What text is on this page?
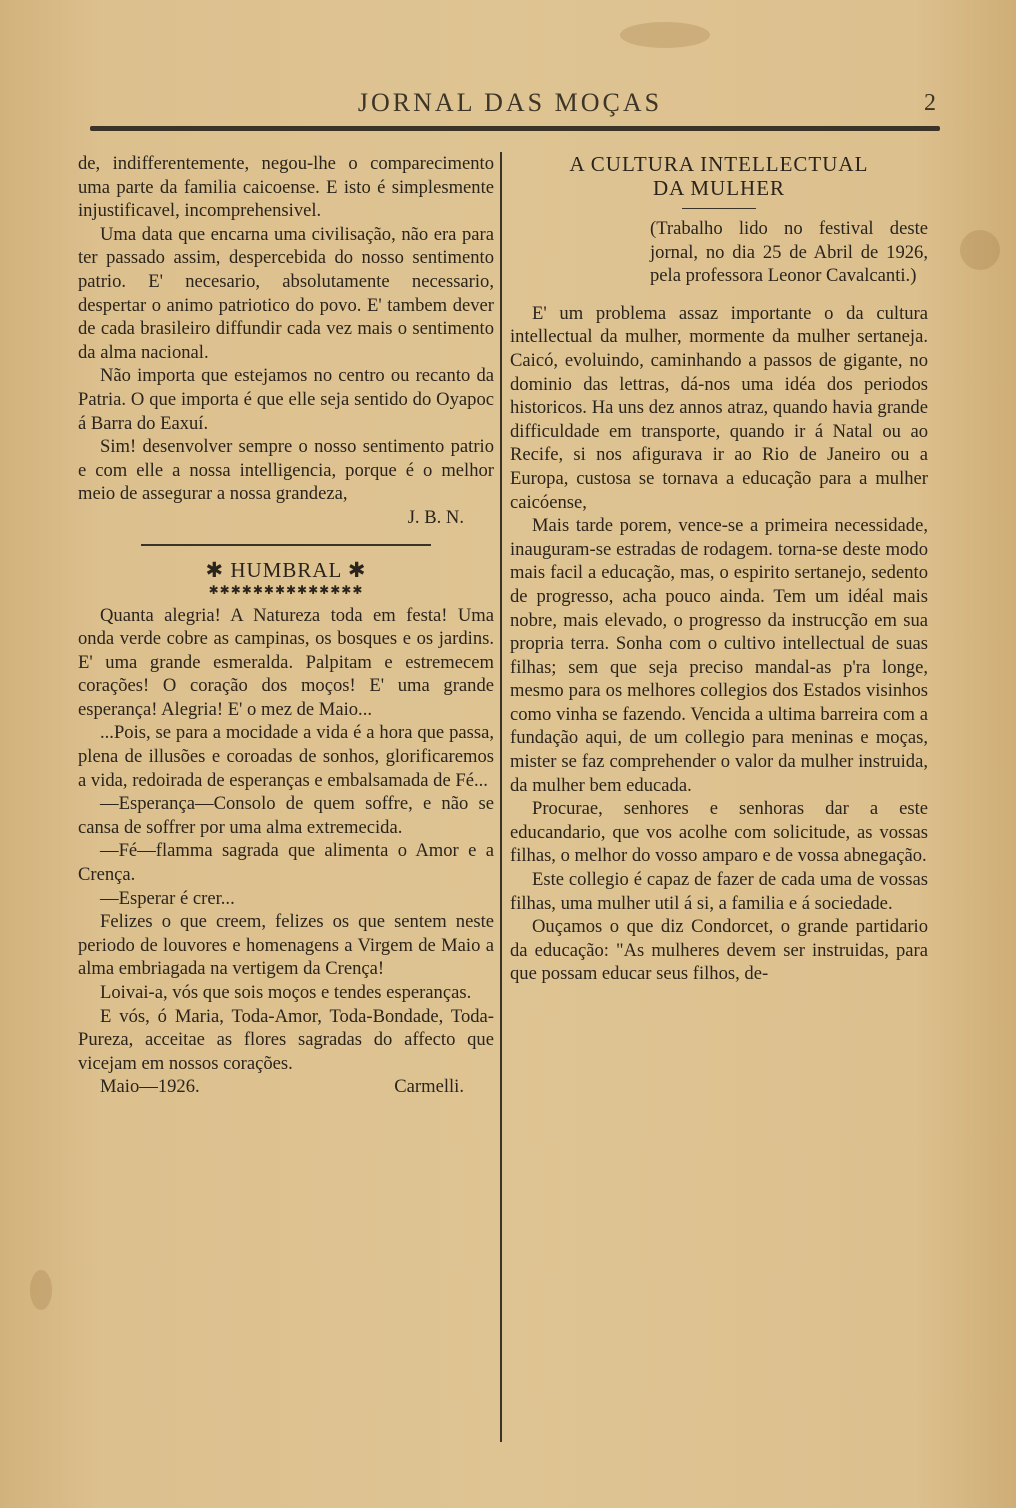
JORNAL DAS MOÇAS	2

de, indifferentemente, negou-lhe o comparecimento uma parte da familia caicoense. E isto é simplesmente injustificavel, incomprehensivel.

Uma data que encarna uma civilisação, não era para ter passado assim, despercebida do nosso sentimento patrio. E' necesario, absolutamente necessario, despertar o animo patriotico do povo. E' tambem dever de cada brasileiro diffundir cada vez mais o sentimento da alma nacional.

Não importa que estejamos no centro ou recanto da Patria. O que importa é que elle seja sentido do Oyapoc á Barra do Eaxuí.

Sim! desenvolver sempre o nosso sentimento patrio e com elle a nossa intelligencia, porque é o melhor meio de assegurar a nossa grandeza,

J. B. N.

✱ HUMBRAL ✱
✱✱✱✱✱✱✱✱✱✱✱✱✱✱

Quanta alegria! A Natureza toda em festa! Uma onda verde cobre as campinas, os bosques e os jardins. E' uma grande esmeralda. Palpitam e estremecem corações! O coração dos moços! E' uma grande esperança! Alegria! E' o mez de Maio...

...Pois, se para a mocidade a vida é a hora que passa, plena de illusões e coroadas de sonhos, glorificaremos a vida, redoirada de esperanças e embalsamada de Fé...

—Esperança—Consolo de quem soffre, e não se cansa de soffrer por uma alma extremecida.

—Fé—flamma sagrada que alimenta o Amor e a Crença.

—Esperar é crer...

Felizes o que creem, felizes os que sentem neste periodo de louvores e homenagens a Virgem de Maio a alma embriagada na vertigem da Crença!

Loivai-a, vós que sois moços e tendes esperanças.

E vós, ó Maria, Toda-Amor, Toda-Bondade, Toda-Pureza, acceitae as flores sagradas do affecto que vicejam em nossos corações.

Maio—1926.	Carmelli.
A CULTURA INTELLECTUAL
DA MULHER

(Trabalho lido no festival deste jornal, no dia 25 de Abril de 1926, pela professora Leonor Cavalcanti.)

E' um problema assaz importante o da cultura intellectual da mulher, mormente da mulher sertaneja. Caicó, evoluindo, caminhando a passos de gigante, no dominio das lettras, dá-nos uma idéa dos periodos historicos. Ha uns dez annos atraz, quando havia grande difficuldade em transporte, quando ir á Natal ou ao Recife, si nos afigurava ir ao Rio de Janeiro ou a Europa, custosa se tornava a educação para a mulher caicóense,

Mais tarde porem, vence-se a primeira necessidade, inauguram-se estradas de rodagem. torna-se deste modo mais facil a educação, mas, o espirito sertanejo, sedento de progresso, acha pouco ainda. Tem um idéal mais nobre, mais elevado, o progresso da instrucção em sua propria terra. Sonha com o cultivo intellectual de suas filhas; sem que seja preciso mandal-as p'ra longe, mesmo para os melhores collegios dos Estados visinhos como vinha se fazendo. Vencida a ultima barreira com a fundação aqui, de um collegio para meninas e moças, mister se faz comprehender o valor da mulher instruida, da mulher bem educada.

Procurae, senhores e senhoras dar a este educandario, que vos acolhe com solicitude, as vossas filhas, o melhor do vosso amparo e de vossa abnegação.

Este collegio é capaz de fazer de cada uma de vossas filhas, uma mulher util á si, a familia e á sociedade.

Ouçamos o que diz Condorcet, o grande partidario da educação: "As mulheres devem ser instruidas, para que possam educar seus filhos, de-
